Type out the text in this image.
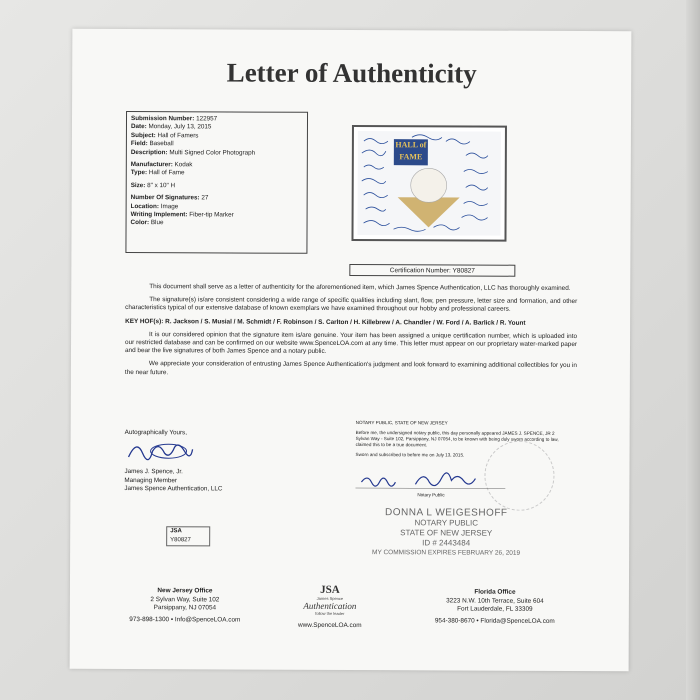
Letter of Authenticity
Submission Number: 122957
Date: Monday, July 13, 2015
Subject: Hall of Famers
Field: Baseball
Description: Multi Signed Color Photograph
Manufacturer: Kodak
Type: Hall of Fame
Size: 8" x 10" H
Number Of Signatures: 27
Location: Image
Writing Implement: Fiber-tip Marker
Color: Blue
HALL of FAME
Certification Number: Y80827
This document shall serve as a letter of authenticity for the aforementioned item, which James Spence Authentication, LLC has thoroughly examined.
The signature(s) is/are consistent considering a wide range of specific qualities including slant, flow, pen pressure, letter size and formation, and other characteristics typical of our extensive database of known exemplars we have examined throughout our hobby and professional careers.
KEY HOF(s): R. Jackson / S. Musial / M. Schmidt / F. Robinson / S. Carlton / H. Killebrew / A. Chandler / W. Ford / A. Barlick / R. Yount
It is our considered opinion that the signature item is/are genuine. Your item has been assigned a unique certification number, which is uploaded into our restricted database and can be confirmed on our website www.SpenceLOA.com at any time. This letter must appear on our proprietary water-marked paper and bear the live signatures of both James Spence and a notary public.
We appreciate your consideration of entrusting James Spence Authentication's judgment and look forward to examining additional collectibles for you in the near future.
Autographically Yours,
James J. Spence, Jr.
Managing Member
James Spence Authentication, LLC
NOTARY PUBLIC, STATE OF NEW JERSEY
Before me, the undersigned notary public, this day personally appeared JAMES J. SPENCE, JR 2 Sylvan Way - Suite 102, Parsippany, NJ 07054, to be known with being duly sworn according to law, claimed this to be a true document.
Sworn and subscribed to before me on July 13, 2015.
Notary Public
DONNA L WEIGESHOFF
NOTARY PUBLIC
STATE OF NEW JERSEY
ID # 2443484
MY COMMISSION EXPIRES FEBRUARY 26, 2019
JSA
Y80827
New Jersey Office
2 Sylvan Way, Suite 102
Parsippany, NJ 07054
973-898-1300 • Info@SpenceLOA.com
JSA
James Spence
Authentication
follow the leader
www.SpenceLOA.com
Florida Office
3223 N.W. 10th Terrace, Suite 604
Fort Lauderdale, FL 33309
954-380-8670 • Florida@SpenceLOA.com
